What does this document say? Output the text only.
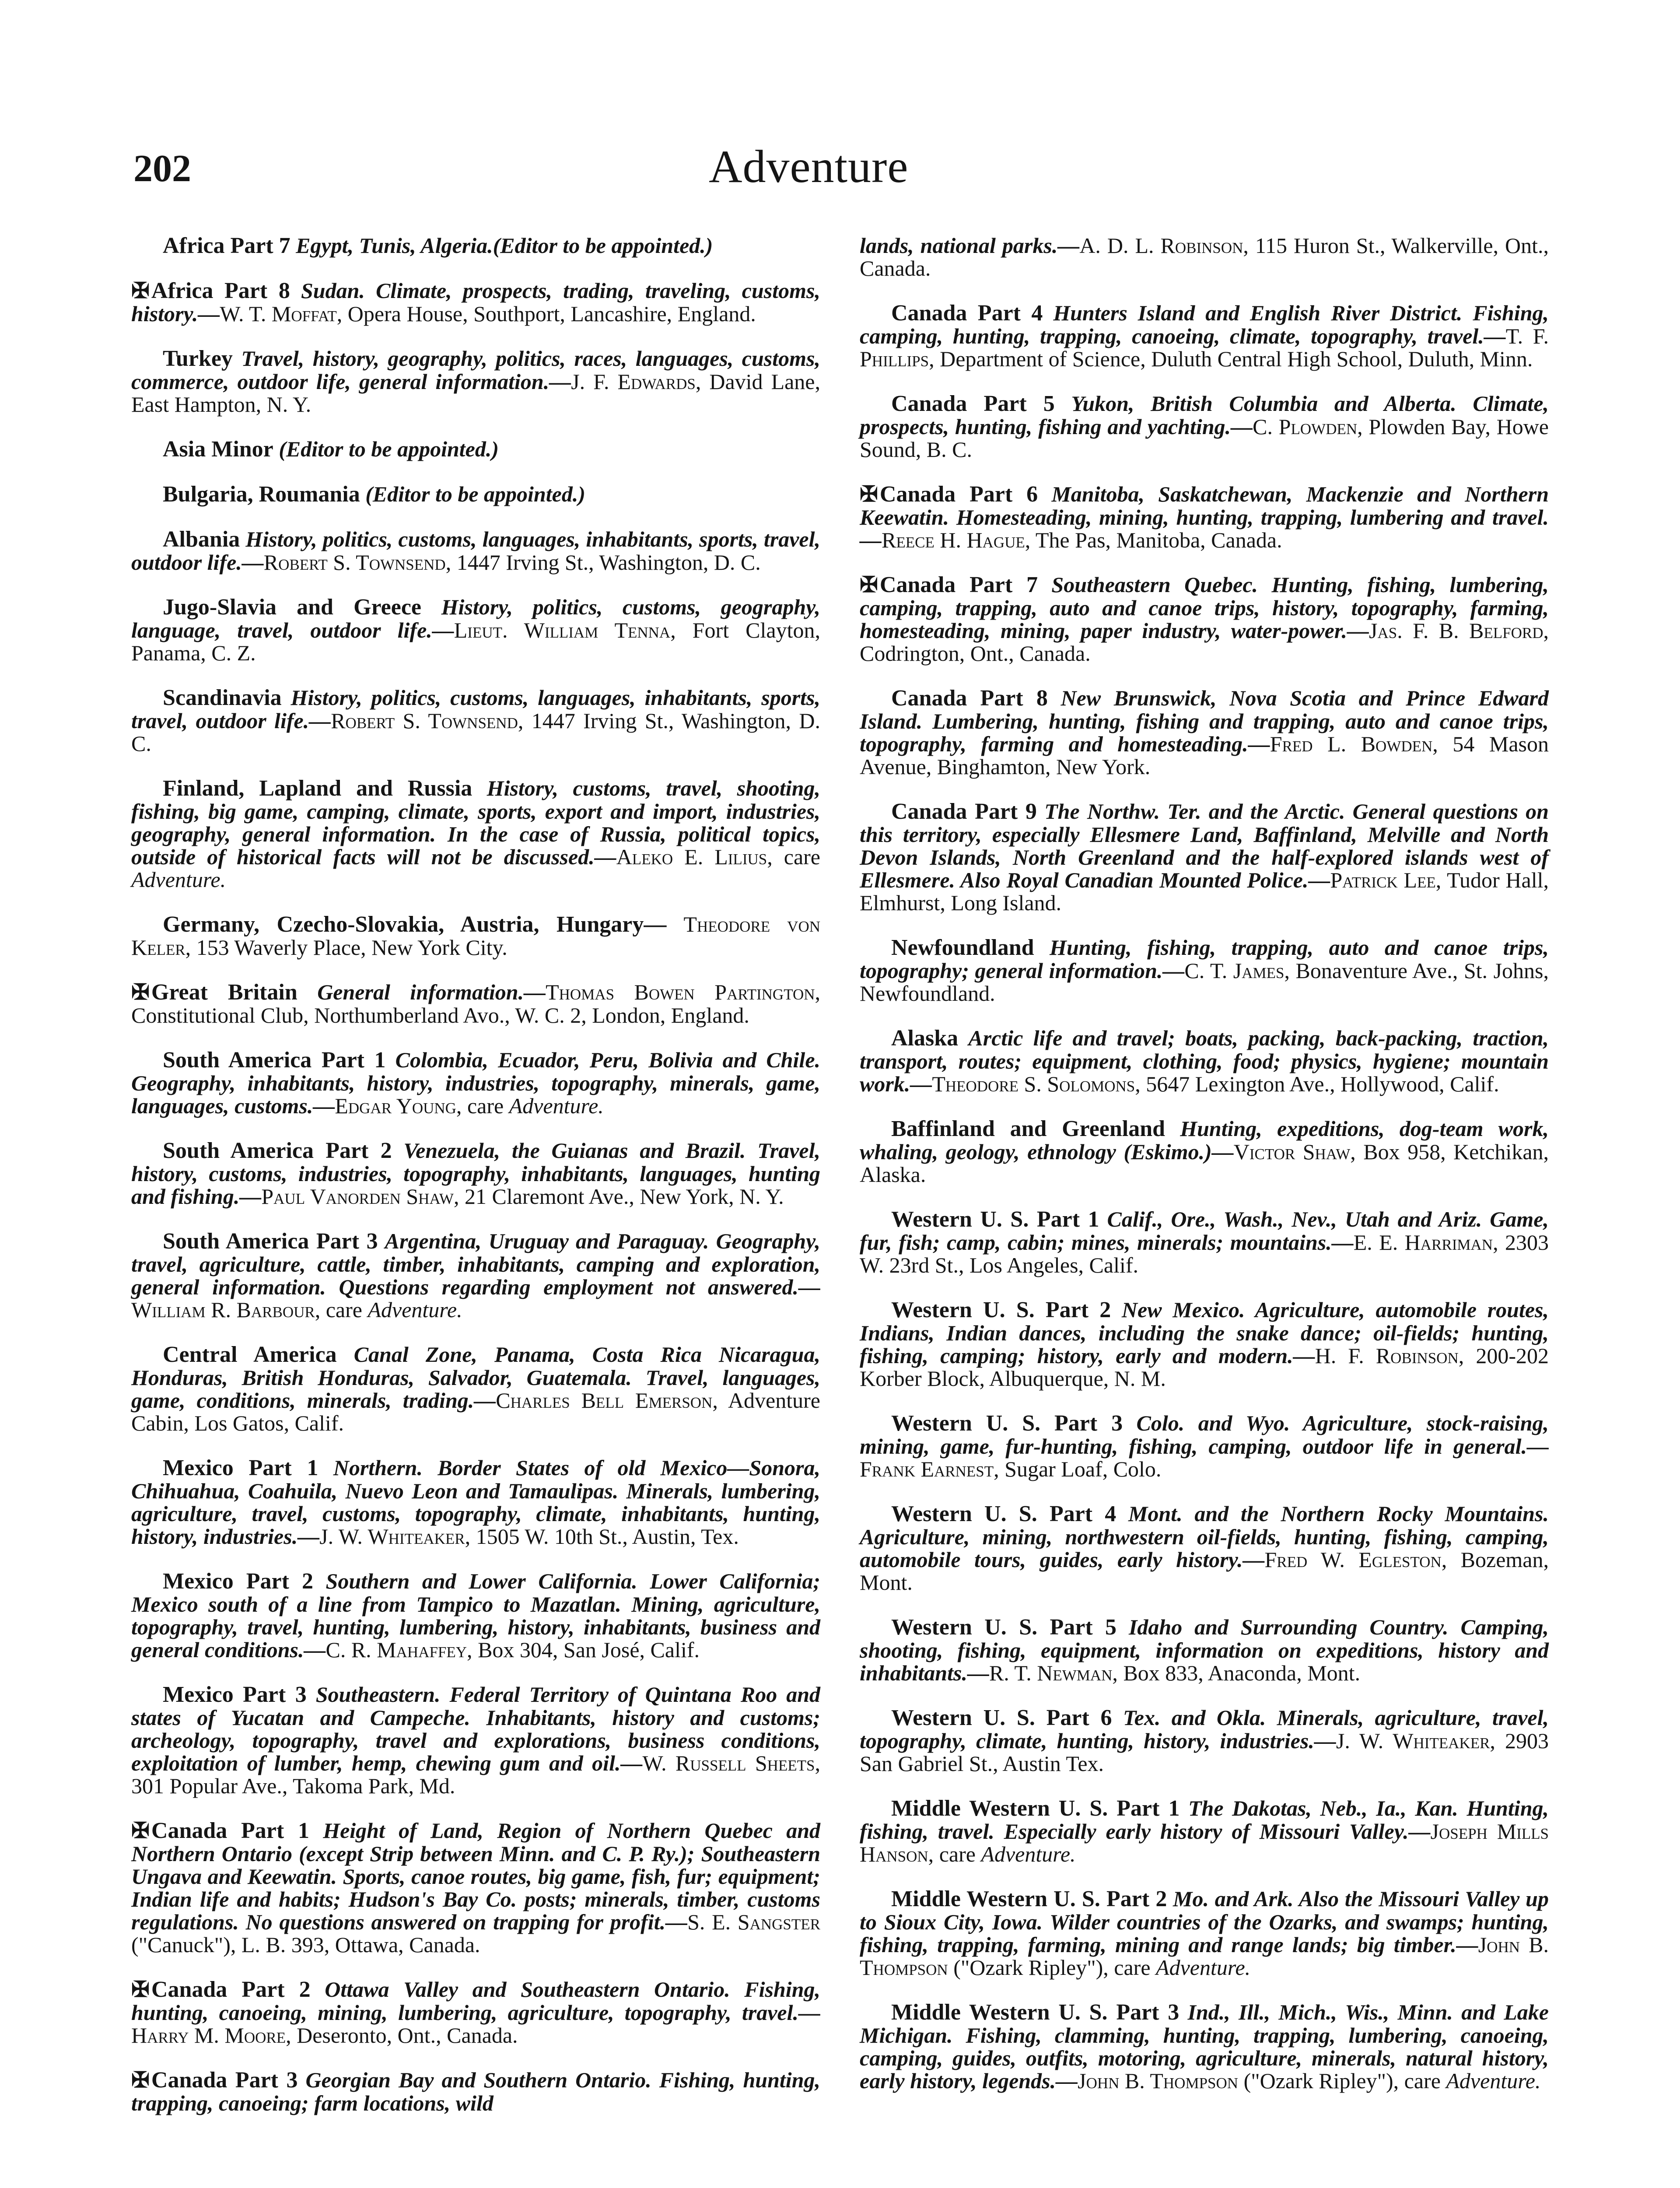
202	Adventure

Africa Part 7 Egypt, Tunis, Algeria.(Editor to be appointed.)

✠Africa Part 8 Sudan. Climate, prospects, trading, traveling, customs, history.—W. T. Moffat, Opera House, Southport, Lancashire, England.

Turkey Travel, history, geography, politics, races, languages, customs, commerce, outdoor life, general information.—J. F. Edwards, David Lane, East Hampton, N. Y.

Asia Minor (Editor to be appointed.)

Bulgaria, Roumania (Editor to be appointed.)

Albania History, politics, customs, languages, inhabitants, sports, travel, outdoor life.—Robert S. Townsend, 1447 Irving St., Washington, D. C.

Jugo-Slavia and Greece History, politics, customs, geography, language, travel, outdoor life.—Lieut. William Tenna, Fort Clayton, Panama, C. Z.

Scandinavia History, politics, customs, languages, inhabitants, sports, travel, outdoor life.—Robert S. Townsend, 1447 Irving St., Washington, D. C.

Finland, Lapland and Russia History, customs, travel, shooting, fishing, big game, camping, climate, sports, export and import, industries, geography, general information. In the case of Russia, political topics, outside of historical facts will not be discussed.—Aleko E. Lilius, care Adventure.

Germany, Czecho-Slovakia, Austria, Hungary— Theodore von Keler, 153 Waverly Place, New York City.

✠Great Britain General information.—Thomas Bowen Partington, Constitutional Club, Northumberland Avo., W. C. 2, London, England.

South America Part 1 Colombia, Ecuador, Peru, Bolivia and Chile. Geography, inhabitants, history, industries, topography, minerals, game, languages, customs.—Edgar Young, care Adventure.

South America Part 2 Venezuela, the Guianas and Brazil. Travel, history, customs, industries, topography, inhabitants, languages, hunting and fishing.—Paul Vanorden Shaw, 21 Claremont Ave., New York, N. Y.

South America Part 3 Argentina, Uruguay and Paraguay. Geography, travel, agriculture, cattle, timber, inhabitants, camping and exploration, general information. Questions regarding employment not answered.—William R. Barbour, care Adventure.

Central America Canal Zone, Panama, Costa Rica Nicaragua, Honduras, British Honduras, Salvador, Guatemala. Travel, languages, game, conditions, minerals, trading.—Charles Bell Emerson, Adventure Cabin, Los Gatos, Calif.

Mexico Part 1 Northern. Border States of old Mexico—Sonora, Chihuahua, Coahuila, Nuevo Leon and Tamaulipas. Minerals, lumbering, agriculture, travel, customs, topography, climate, inhabitants, hunting, history, industries.—J. W. Whiteaker, 1505 W. 10th St., Austin, Tex.

Mexico Part 2 Southern and Lower California. Lower California; Mexico south of a line from Tampico to Mazatlan. Mining, agriculture, topography, travel, hunting, lumbering, history, inhabitants, business and general conditions.—C. R. Mahaffey, Box 304, San José, Calif.

Mexico Part 3 Southeastern. Federal Territory of Quintana Roo and states of Yucatan and Campeche. Inhabitants, history and customs; archeology, topography, travel and explorations, business conditions, exploitation of lumber, hemp, chewing gum and oil.—W. Russell Sheets, 301 Popular Ave., Takoma Park, Md.

✠Canada Part 1 Height of Land, Region of Northern Quebec and Northern Ontario (except Strip between Minn. and C. P. Ry.); Southeastern Ungava and Keewatin. Sports, canoe routes, big game, fish, fur; equipment; Indian life and habits; Hudson's Bay Co. posts; minerals, timber, customs regulations. No questions answered on trapping for profit.—S. E. Sangster ("Canuck"), L. B. 393, Ottawa, Canada.

✠Canada Part 2 Ottawa Valley and Southeastern Ontario. Fishing, hunting, canoeing, mining, lumbering, agriculture, topography, travel.—Harry M. Moore, Deseronto, Ont., Canada.

✠Canada Part 3 Georgian Bay and Southern Ontario. Fishing, hunting, trapping, canoeing; farm locations, wild

lands, national parks.—A. D. L. Robinson, 115 Huron St., Walkerville, Ont., Canada.

Canada Part 4 Hunters Island and English River District. Fishing, camping, hunting, trapping, canoeing, climate, topography, travel.—T. F. Phillips, Department of Science, Duluth Central High School, Duluth, Minn.

Canada Part 5 Yukon, British Columbia and Alberta. Climate, prospects, hunting, fishing and yachting.—C. Plowden, Plowden Bay, Howe Sound, B. C.

✠Canada Part 6 Manitoba, Saskatchewan, Mackenzie and Northern Keewatin. Homesteading, mining, hunting, trapping, lumbering and travel.—Reece H. Hague, The Pas, Manitoba, Canada.

✠Canada Part 7 Southeastern Quebec. Hunting, fishing, lumbering, camping, trapping, auto and canoe trips, history, topography, farming, homesteading, mining, paper industry, water-power.—Jas. F. B. Belford, Codrington, Ont., Canada.

Canada Part 8 New Brunswick, Nova Scotia and Prince Edward Island. Lumbering, hunting, fishing and trapping, auto and canoe trips, topography, farming and homesteading.—Fred L. Bowden, 54 Mason Avenue, Binghamton, New York.

Canada Part 9 The Northw. Ter. and the Arctic. General questions on this territory, especially Ellesmere Land, Baffinland, Melville and North Devon Islands, North Greenland and the half-explored islands west of Ellesmere. Also Royal Canadian Mounted Police.—Patrick Lee, Tudor Hall, Elmhurst, Long Island.

Newfoundland Hunting, fishing, trapping, auto and canoe trips, topography; general information.—C. T. James, Bonaventure Ave., St. Johns, Newfoundland.

Alaska Arctic life and travel; boats, packing, back-packing, traction, transport, routes; equipment, clothing, food; physics, hygiene; mountain work.—Theodore S. Solomons, 5647 Lexington Ave., Hollywood, Calif.

Baffinland and Greenland Hunting, expeditions, dog-team work, whaling, geology, ethnology (Eskimo.)—Victor Shaw, Box 958, Ketchikan, Alaska.

Western U. S. Part 1 Calif., Ore., Wash., Nev., Utah and Ariz. Game, fur, fish; camp, cabin; mines, minerals; mountains.—E. E. Harriman, 2303 W. 23rd St., Los Angeles, Calif.

Western U. S. Part 2 New Mexico. Agriculture, automobile routes, Indians, Indian dances, including the snake dance; oil-fields; hunting, fishing, camping; history, early and modern.—H. F. Robinson, 200-202 Korber Block, Albuquerque, N. M.

Western U. S. Part 3 Colo. and Wyo. Agriculture, stock-raising, mining, game, fur-hunting, fishing, camping, outdoor life in general.—Frank Earnest, Sugar Loaf, Colo.

Western U. S. Part 4 Mont. and the Northern Rocky Mountains. Agriculture, mining, northwestern oil-fields, hunting, fishing, camping, automobile tours, guides, early history.—Fred W. Egleston, Bozeman, Mont.

Western U. S. Part 5 Idaho and Surrounding Country. Camping, shooting, fishing, equipment, information on expeditions, history and inhabitants.—R. T. Newman, Box 833, Anaconda, Mont.

Western U. S. Part 6 Tex. and Okla. Minerals, agriculture, travel, topography, climate, hunting, history, industries.—J. W. Whiteaker, 2903 San Gabriel St., Austin Tex.

Middle Western U. S. Part 1 The Dakotas, Neb., Ia., Kan. Hunting, fishing, travel. Especially early history of Missouri Valley.—Joseph Mills Hanson, care Adventure.

Middle Western U. S. Part 2 Mo. and Ark. Also the Missouri Valley up to Sioux City, Iowa. Wilder countries of the Ozarks, and swamps; hunting, fishing, trapping, farming, mining and range lands; big timber.—John B. Thompson ("Ozark Ripley"), care Adventure.

Middle Western U. S. Part 3 Ind., Ill., Mich., Wis., Minn. and Lake Michigan. Fishing, clamming, hunting, trapping, lumbering, canoeing, camping, guides, outfits, motoring, agriculture, minerals, natural history, early history, legends.—John B. Thompson ("Ozark Ripley"), care Adventure.
